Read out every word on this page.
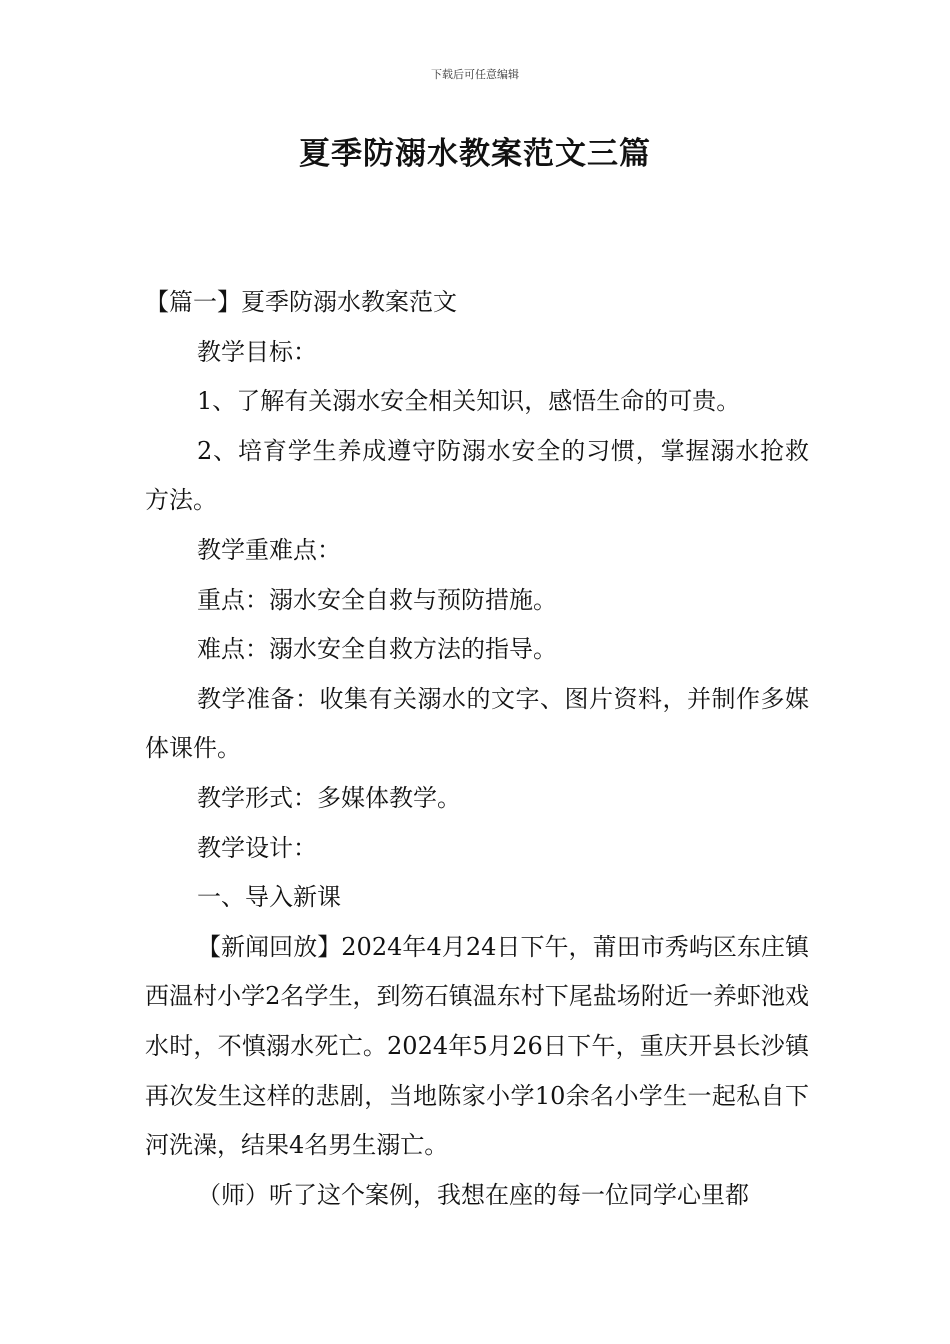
下载后可任意编辑
夏季防溺水教案范文三篇

【篇一】夏季防溺水教案范文

教学目标：

1、了解有关溺水安全相关知识，感悟生命的可贵。

2、培育学生养成遵守防溺水安全的习惯，掌握溺水抢救方法。

教学重难点：

重点：溺水安全自救与预防措施。

难点：溺水安全自救方法的指导。

教学准备：收集有关溺水的文字、图片资料，并制作多媒体课件。

教学形式：多媒体教学。

教学设计：

一、导入新课

【新闻回放】2024年4月24日下午，莆田市秀屿区东庄镇西温村小学2名学生，到笏石镇温东村下尾盐场附近一养虾池戏水时，不慎溺水死亡。2024年5月26日下午，重庆开县长沙镇再次发生这样的悲剧，当地陈家小学10余名小学生一起私自下河洗澡，结果4名男生溺亡。

（师）听了这个案例，我想在座的每一位同学心里都
